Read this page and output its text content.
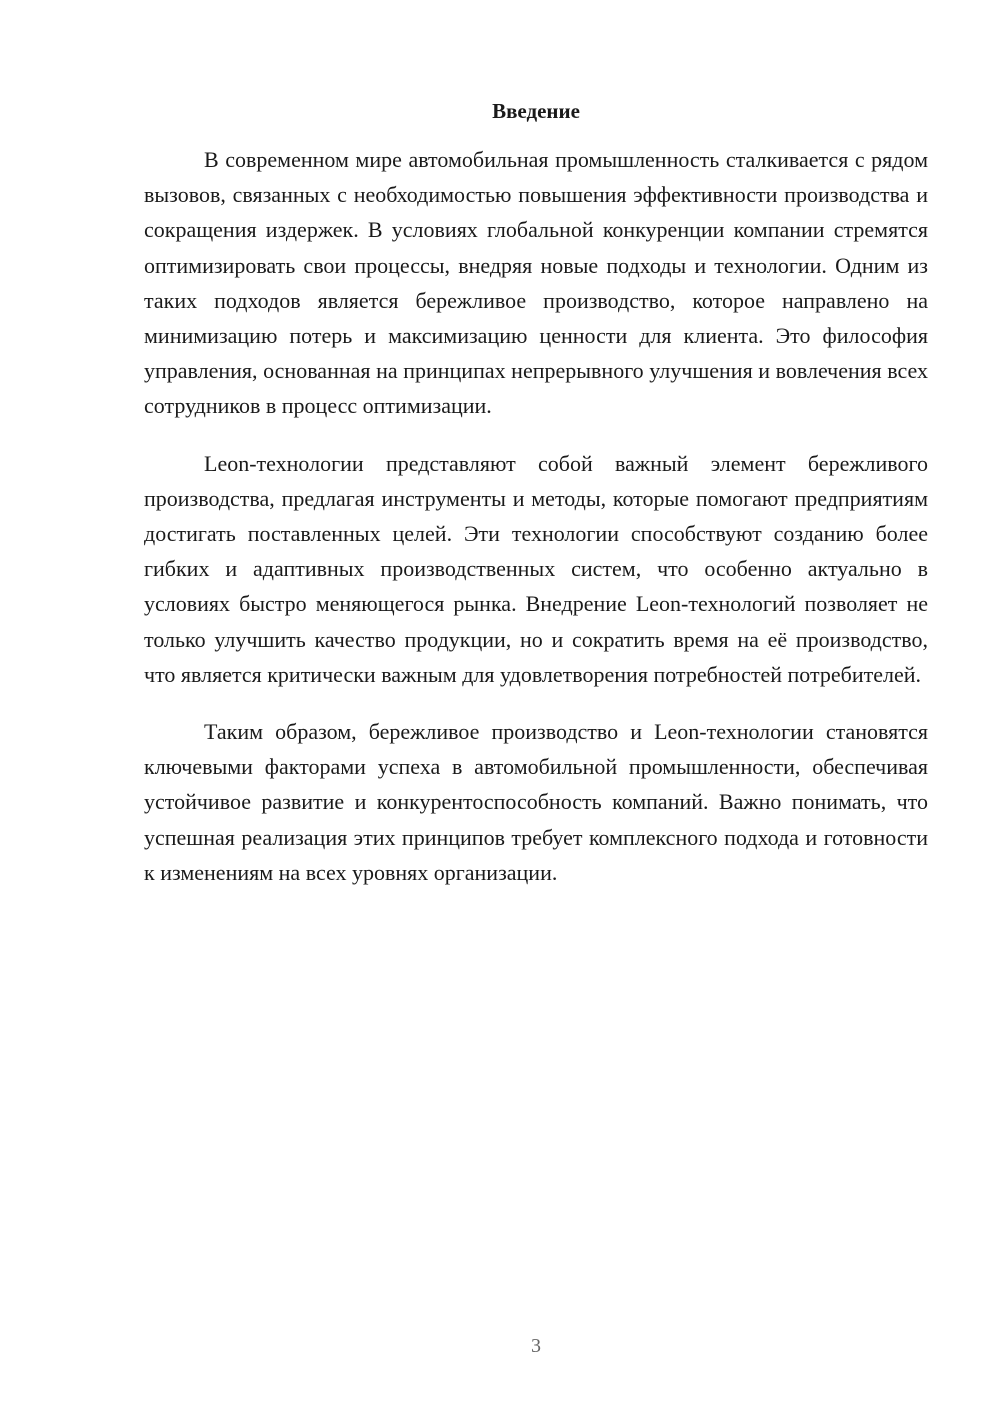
Введение

В современном мире автомобильная промышленность сталкивается с рядом вызовов, связанных с необходимостью повышения эффективности производства и сокращения издержек. В условиях глобальной конкуренции компании стремятся оптимизировать свои процессы, внедряя новые подходы и технологии. Одним из таких подходов является бережливое производство, которое направлено на минимизацию потерь и максимизацию ценности для клиента. Это философия управления, основанная на принципах непрерывного улучшения и вовлечения всех сотрудников в процесс оптимизации.

Leon-технологии представляют собой важный элемент бережливого производства, предлагая инструменты и методы, которые помогают предприятиям достигать поставленных целей. Эти технологии способствуют созданию более гибких и адаптивных производственных систем, что особенно актуально в условиях быстро меняющегося рынка. Внедрение Leon-технологий позволяет не только улучшить качество продукции, но и сократить время на её производство, что является критически важным для удовлетворения потребностей потребителей.

Таким образом, бережливое производство и Leon-технологии становятся ключевыми факторами успеха в автомобильной промышленности, обеспечивая устойчивое развитие и конкурентоспособность компаний. Важно понимать, что успешная реализация этих принципов требует комплексного подхода и готовности к изменениям на всех уровнях организации.

3
